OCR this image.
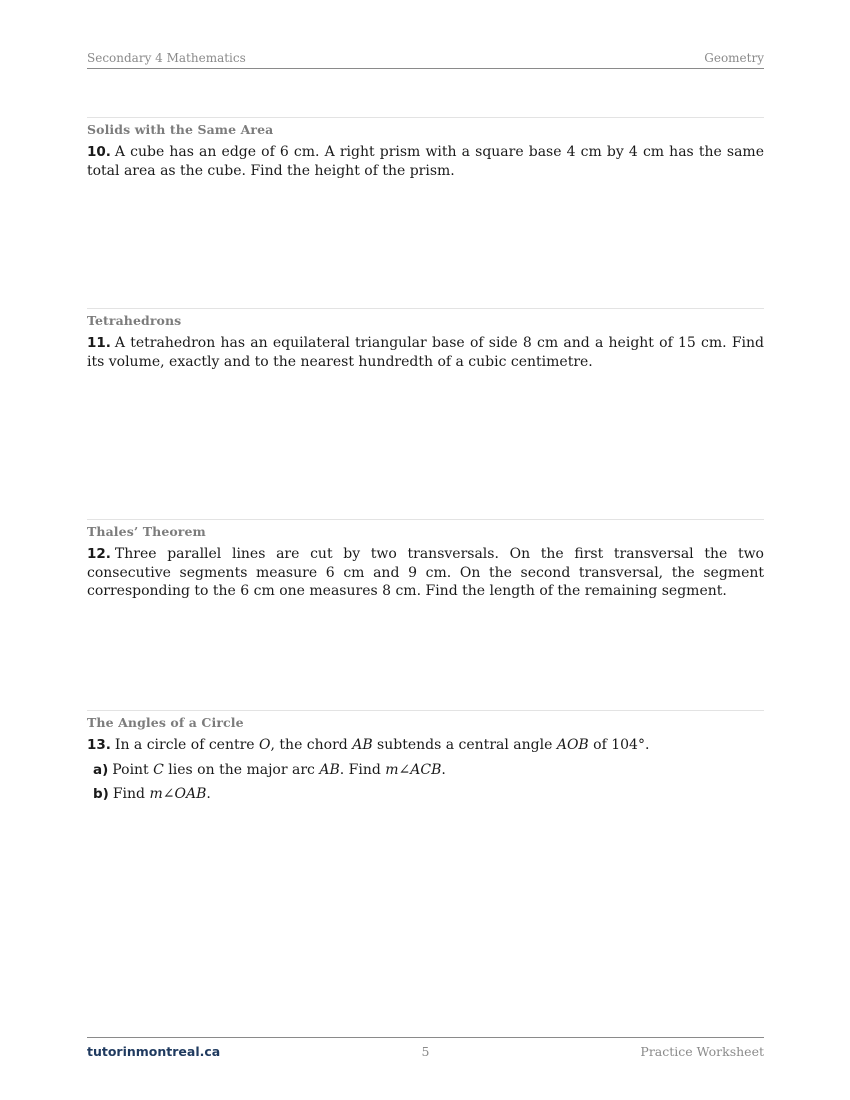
Secondary 4 Mathematics	Geometry
Solids with the Same Area
10. A cube has an edge of 6 cm. A right prism with a square base 4 cm by 4 cm has the same total area as the cube. Find the height of the prism.
Tetrahedrons
11. A tetrahedron has an equilateral triangular base of side 8 cm and a height of 15 cm. Find its volume, exactly and to the nearest hundredth of a cubic centimetre.
Thales’ Theorem
12. Three parallel lines are cut by two transversals. On the first transversal the two consecutive segments measure 6 cm and 9 cm. On the second transversal, the segment corresponding to the 6 cm one measures 8 cm. Find the length of the remaining segment.
The Angles of a Circle
13. In a circle of centre O, the chord AB subtends a central angle AOB of 104°.
a) Point C lies on the major arc AB. Find m∠ACB.
b) Find m∠OAB.
tutorinmontreal.ca	5	Practice Worksheet
